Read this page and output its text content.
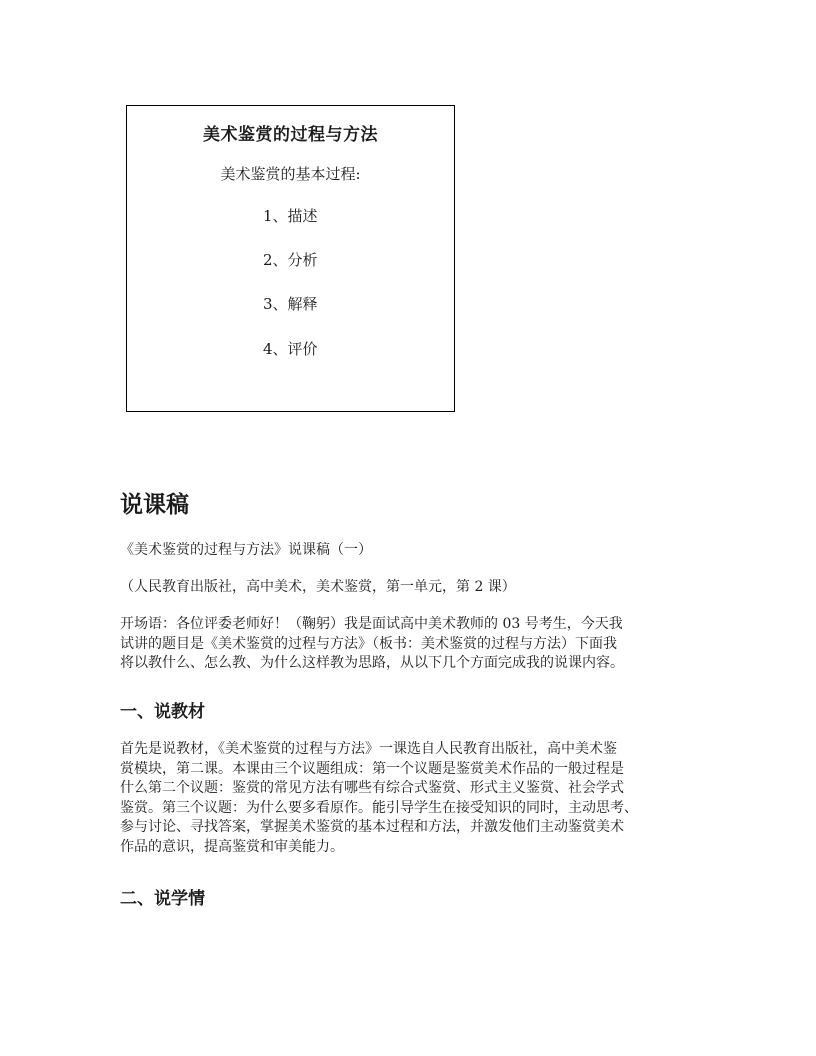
美术鉴赏的过程与方法
美术鉴赏的基本过程:
1、描述
2、分析
3、解释
4、评价
说课稿
《美术鉴赏的过程与方法》说课稿（一）
（人民教育出版社，高中美术，美术鉴赏，第一单元，第 2 课）
开场语：各位评委老师好！（鞠躬）我是面试高中美术教师的 03 号考生，今天我
试讲的题目是《美术鉴赏的过程与方法》（板书：美术鉴赏的过程与方法）下面我
将以教什么、怎么教、为什么这样教为思路，从以下几个方面完成我的说课内容。
一、说教材
首先是说教材，《美术鉴赏的过程与方法》一课选自人民教育出版社，高中美术鉴
赏模块，第二课。本课由三个议题组成：第一个议题是鉴赏美术作品的一般过程是
什么第二个议题：鉴赏的常见方法有哪些有综合式鉴赏、形式主义鉴赏、社会学式
鉴赏。第三个议题：为什么要多看原作。能引导学生在接受知识的同时，主动思考、
参与讨论、寻找答案，掌握美术鉴赏的基本过程和方法，并激发他们主动鉴赏美术
作品的意识，提高鉴赏和审美能力。
二、说学情
